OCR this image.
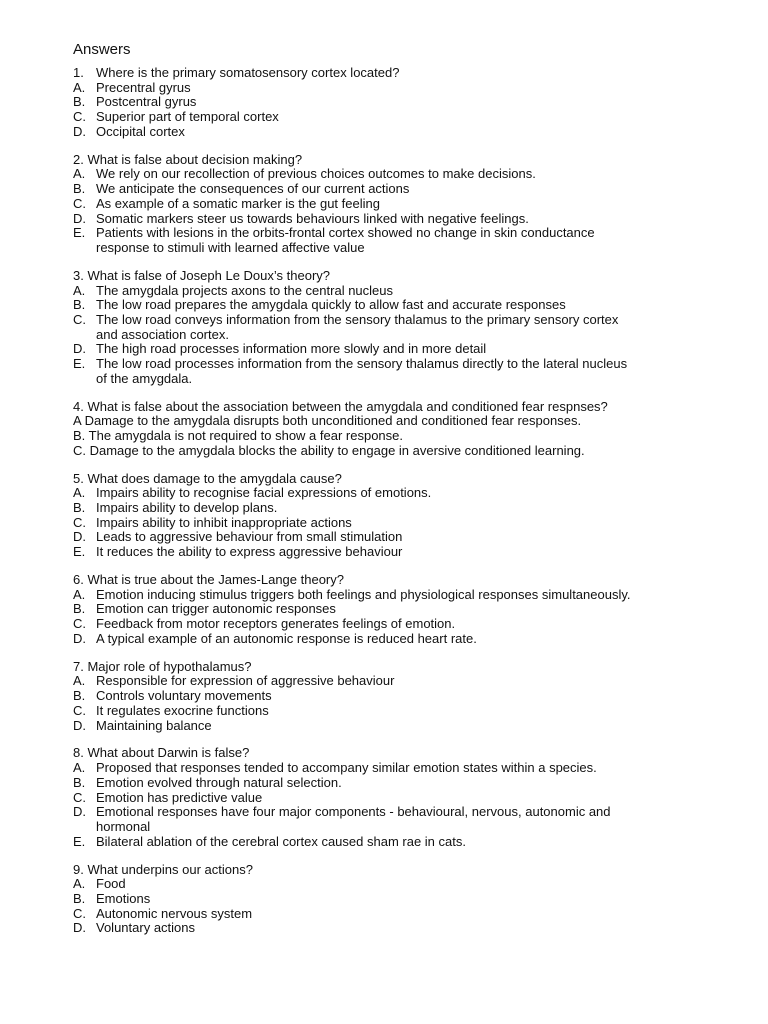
Answers
1. Where is the primary somatosensory cortex located?
A. Precentral gyrus
B. Postcentral gyrus
C. Superior part of temporal cortex
D. Occipital cortex
2. What is false about decision making?
A. We rely on our recollection of previous choices outcomes to make decisions.
B. We anticipate the consequences of our current actions
C. As example of a somatic marker is the gut feeling
D. Somatic markers steer us towards behaviours linked with negative feelings.
E. Patients with lesions in the orbits-frontal cortex showed no change in skin conductance
response to stimuli with learned affective value
3. What is false of Joseph Le Doux’s theory?
A. The amygdala projects axons to the central nucleus
B. The low road prepares the amygdala quickly to allow fast and accurate responses
C. The low road conveys information from the sensory thalamus to the primary sensory cortex
and association cortex.
D. The high road processes information more slowly and in more detail
E. The low road processes information from the sensory thalamus directly to the lateral nucleus
of the amygdala.
4. What is false about the association between the amygdala and conditioned fear respnses?
A Damage to the amygdala disrupts both unconditioned and conditioned fear responses.
B. The amygdala is not required to show a fear response.
C. Damage to the amygdala blocks the ability to engage in aversive conditioned learning.
5. What does damage to the amygdala cause?
A. Impairs ability to recognise facial expressions of emotions.
B. Impairs ability to develop plans.
C. Impairs ability to inhibit inappropriate actions
D. Leads to aggressive behaviour from small stimulation
E. It reduces the ability to express aggressive behaviour
6. What is true about the James-Lange theory?
A. Emotion inducing stimulus triggers both feelings and physiological responses simultaneously.
B. Emotion can trigger autonomic responses
C. Feedback from motor receptors generates feelings of emotion.
D. A typical example of an autonomic response is reduced heart rate.
7. Major role of hypothalamus?
A. Responsible for expression of aggressive behaviour
B. Controls voluntary movements
C. It regulates exocrine functions
D. Maintaining balance
8. What about Darwin is false?
A. Proposed that responses tended to accompany similar emotion states within a species.
B. Emotion evolved through natural selection.
C. Emotion has predictive value
D. Emotional responses have four major components - behavioural, nervous, autonomic and
hormonal
E. Bilateral ablation of the cerebral cortex caused sham rae in cats.
9. What underpins our actions?
A. Food
B. Emotions
C. Autonomic nervous system
D. Voluntary actions
